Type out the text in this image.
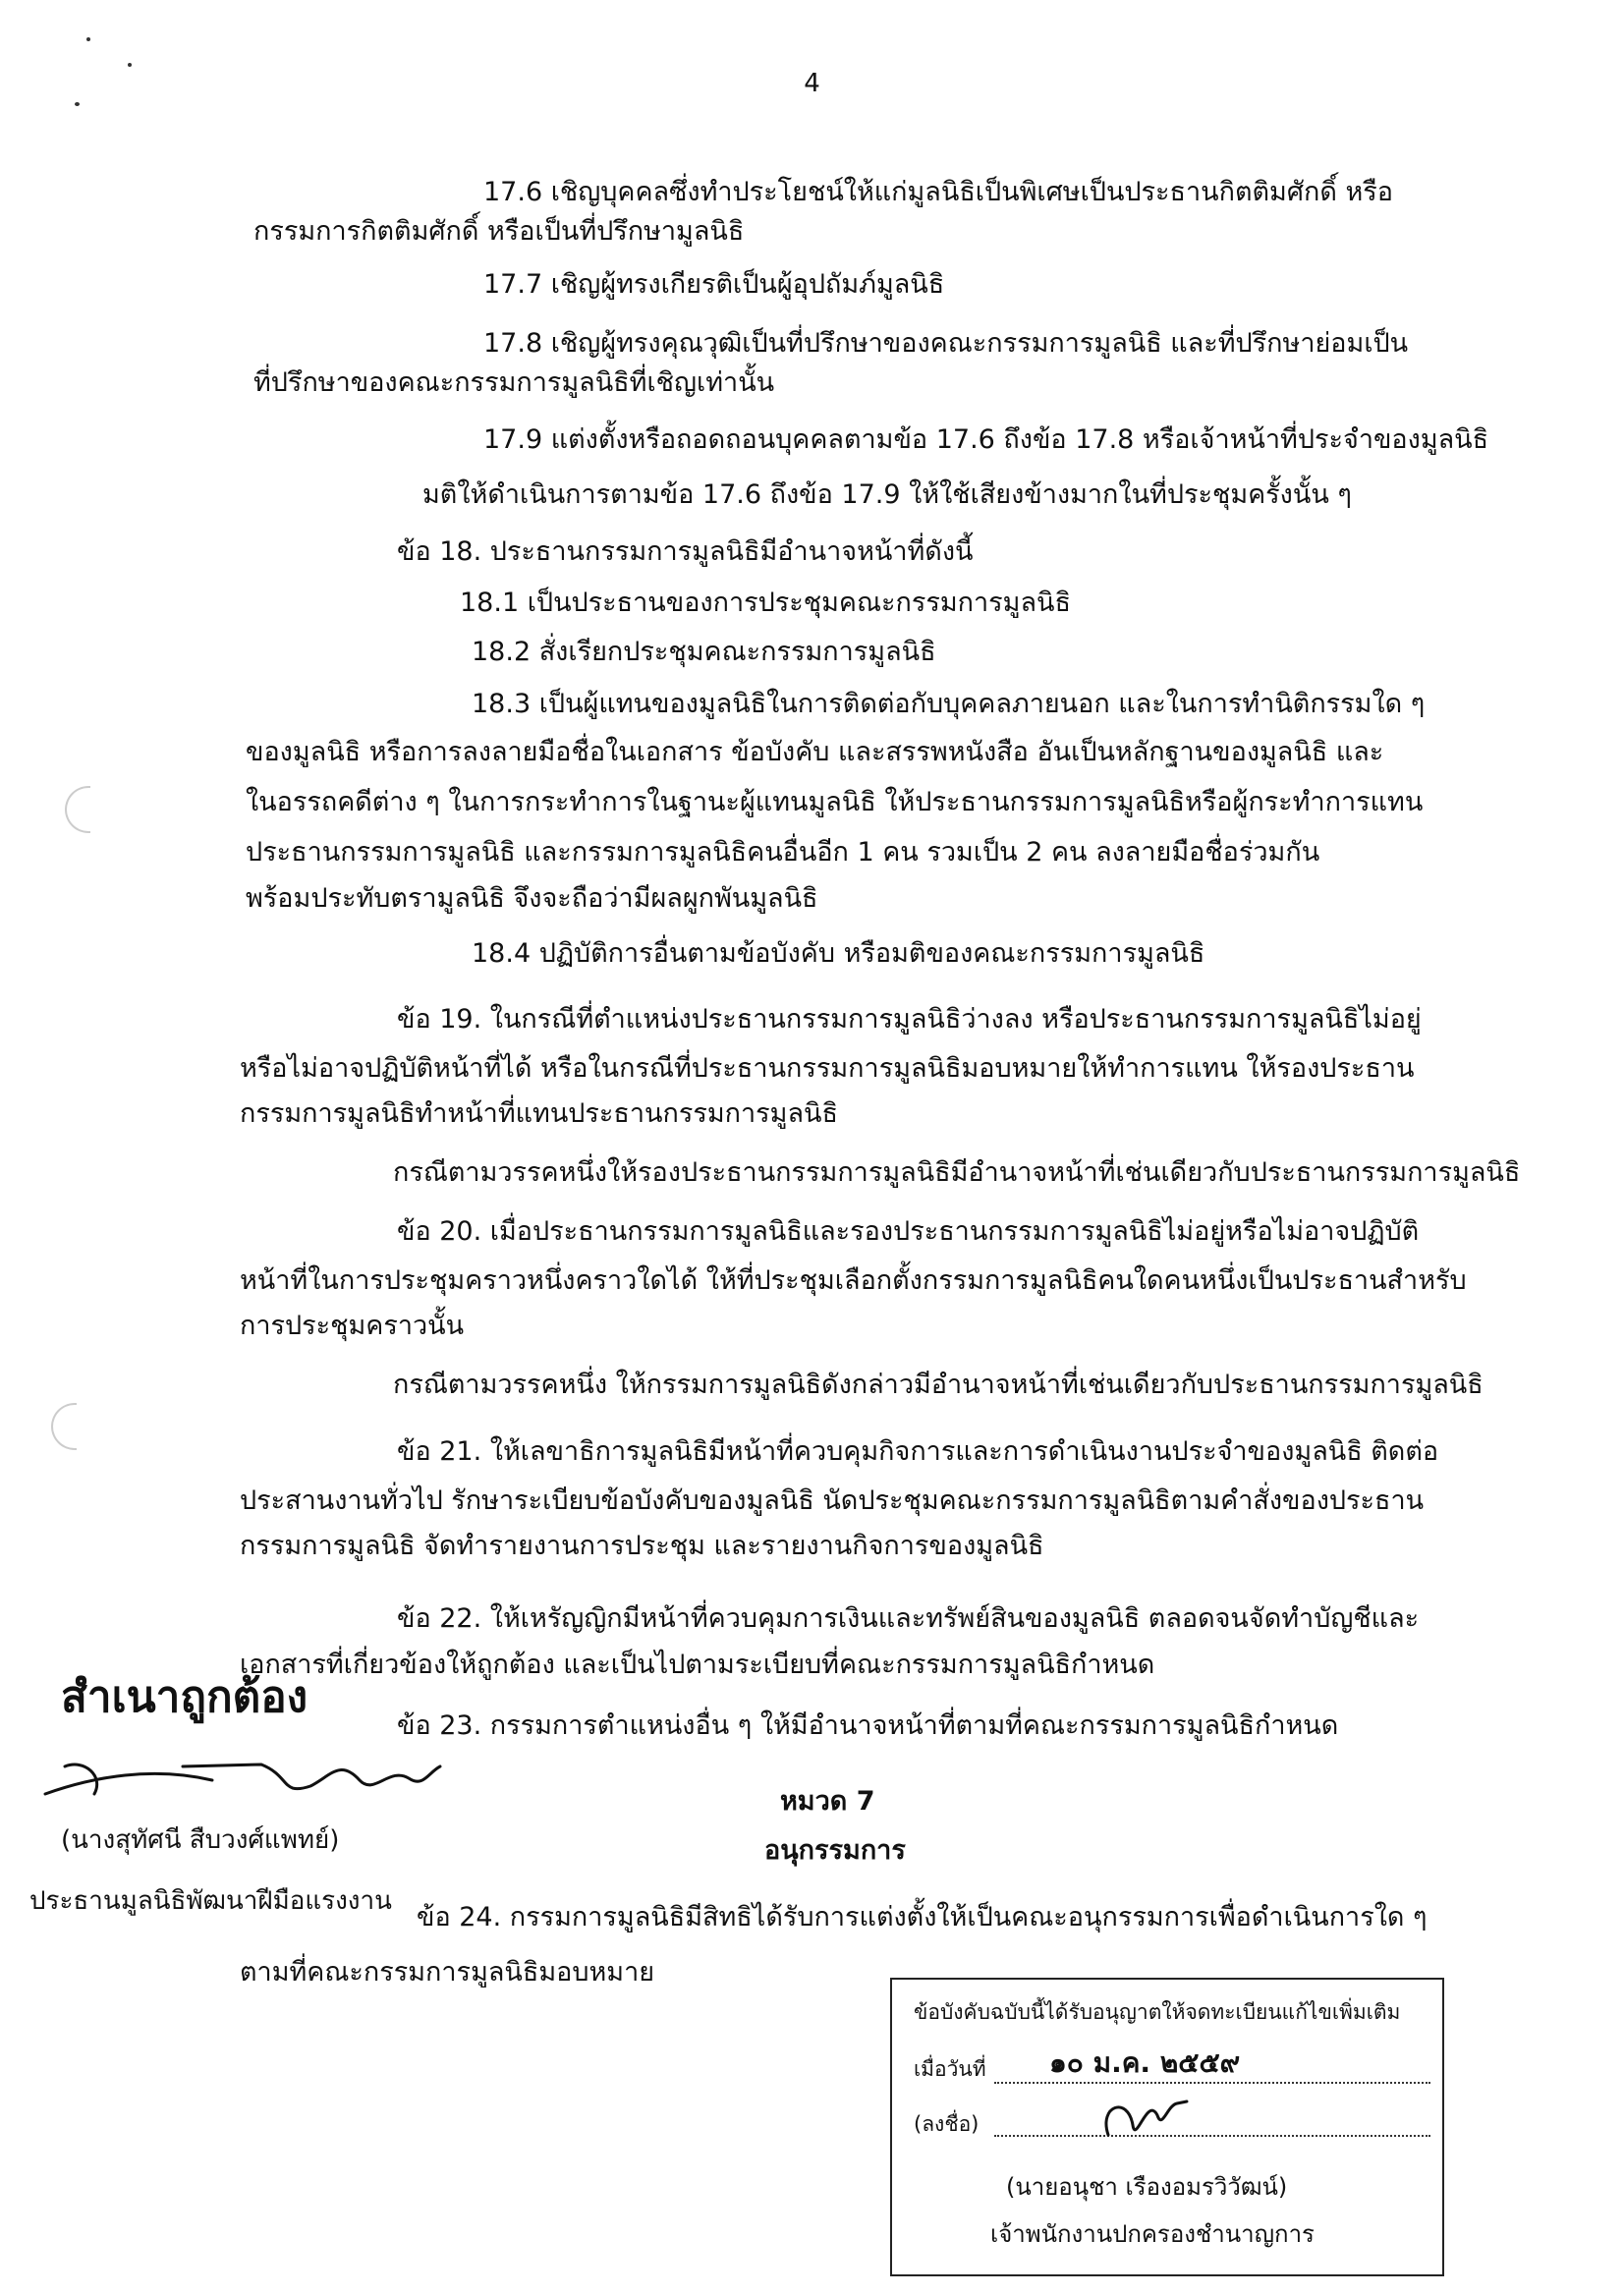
4
17.6 เชิญบุคคลซึ่งทำประโยชน์ให้แก่มูลนิธิเป็นพิเศษเป็นประธานกิตติมศักดิ์ หรือ
กรรมการกิตติมศักดิ์ หรือเป็นที่ปรึกษามูลนิธิ
17.7 เชิญผู้ทรงเกียรติเป็นผู้อุปถัมภ์มูลนิธิ
17.8 เชิญผู้ทรงคุณวุฒิเป็นที่ปรึกษาของคณะกรรมการมูลนิธิ และที่ปรึกษาย่อมเป็น
ที่ปรึกษาของคณะกรรมการมูลนิธิที่เชิญเท่านั้น
17.9 แต่งตั้งหรือถอดถอนบุคคลตามข้อ 17.6 ถึงข้อ 17.8 หรือเจ้าหน้าที่ประจำของมูลนิธิ
มติให้ดำเนินการตามข้อ 17.6 ถึงข้อ 17.9 ให้ใช้เสียงข้างมากในที่ประชุมครั้งนั้น ๆ
ข้อ 18. ประธานกรรมการมูลนิธิมีอำนาจหน้าที่ดังนี้
18.1 เป็นประธานของการประชุมคณะกรรมการมูลนิธิ
18.2 สั่งเรียกประชุมคณะกรรมการมูลนิธิ
18.3 เป็นผู้แทนของมูลนิธิในการติดต่อกับบุคคลภายนอก และในการทำนิติกรรมใด ๆ
ของมูลนิธิ หรือการลงลายมือชื่อในเอกสาร ข้อบังคับ และสรรพหนังสือ อันเป็นหลักฐานของมูลนิธิ และ
ในอรรถคดีต่าง ๆ ในการกระทำการในฐานะผู้แทนมูลนิธิ ให้ประธานกรรมการมูลนิธิหรือผู้กระทำการแทน
ประธานกรรมการมูลนิธิ และกรรมการมูลนิธิคนอื่นอีก 1 คน รวมเป็น 2 คน ลงลายมือชื่อร่วมกัน
พร้อมประทับตรามูลนิธิ จึงจะถือว่ามีผลผูกพันมูลนิธิ
18.4 ปฏิบัติการอื่นตามข้อบังคับ หรือมติของคณะกรรมการมูลนิธิ
ข้อ 19. ในกรณีที่ตำแหน่งประธานกรรมการมูลนิธิว่างลง หรือประธานกรรมการมูลนิธิไม่อยู่
หรือไม่อาจปฏิบัติหน้าที่ได้ หรือในกรณีที่ประธานกรรมการมูลนิธิมอบหมายให้ทำการแทน ให้รองประธาน
กรรมการมูลนิธิทำหน้าที่แทนประธานกรรมการมูลนิธิ
กรณีตามวรรคหนึ่งให้รองประธานกรรมการมูลนิธิมีอำนาจหน้าที่เช่นเดียวกับประธานกรรมการมูลนิธิ
ข้อ 20. เมื่อประธานกรรมการมูลนิธิและรองประธานกรรมการมูลนิธิไม่อยู่หรือไม่อาจปฏิบัติ
หน้าที่ในการประชุมคราวหนึ่งคราวใดได้ ให้ที่ประชุมเลือกตั้งกรรมการมูลนิธิคนใดคนหนึ่งเป็นประธานสำหรับ
การประชุมคราวนั้น
กรณีตามวรรคหนึ่ง ให้กรรมการมูลนิธิดังกล่าวมีอำนาจหน้าที่เช่นเดียวกับประธานกรรมการมูลนิธิ
ข้อ 21. ให้เลขาธิการมูลนิธิมีหน้าที่ควบคุมกิจการและการดำเนินงานประจำของมูลนิธิ ติดต่อ
ประสานงานทั่วไป รักษาระเบียบข้อบังคับของมูลนิธิ นัดประชุมคณะกรรมการมูลนิธิตามคำสั่งของประธาน
กรรมการมูลนิธิ จัดทำรายงานการประชุม และรายงานกิจการของมูลนิธิ
ข้อ 22. ให้เหรัญญิกมีหน้าที่ควบคุมการเงินและทรัพย์สินของมูลนิธิ ตลอดจนจัดทำบัญชีและ
เอกสารที่เกี่ยวข้องให้ถูกต้อง และเป็นไปตามระเบียบที่คณะกรรมการมูลนิธิกำหนด
ข้อ 23. กรรมการตำแหน่งอื่น ๆ ให้มีอำนาจหน้าที่ตามที่คณะกรรมการมูลนิธิกำหนด
หมวด 7
อนุกรรมการ
ข้อ 24. กรรมการมูลนิธิมีสิทธิได้รับการแต่งตั้งให้เป็นคณะอนุกรรมการเพื่อดำเนินการใด ๆ
ตามที่คณะกรรมการมูลนิธิมอบหมาย
สำเนาถูกต้อง
(นางสุทัศนี สืบวงศ์แพทย์)
ประธานมูลนิธิพัฒนาฝีมือแรงงาน
ข้อบังคับฉบับนี้ได้รับอนุญาตให้จดทะเบียนแก้ไขเพิ่มเติม
เมื่อวันที่ ๑๐ ม.ค. ๒๕๕๙
(ลงชื่อ)
(นายอนุชา เรืองอมรวิวัฒน์)
เจ้าพนักงานปกครองชำนาญการ
